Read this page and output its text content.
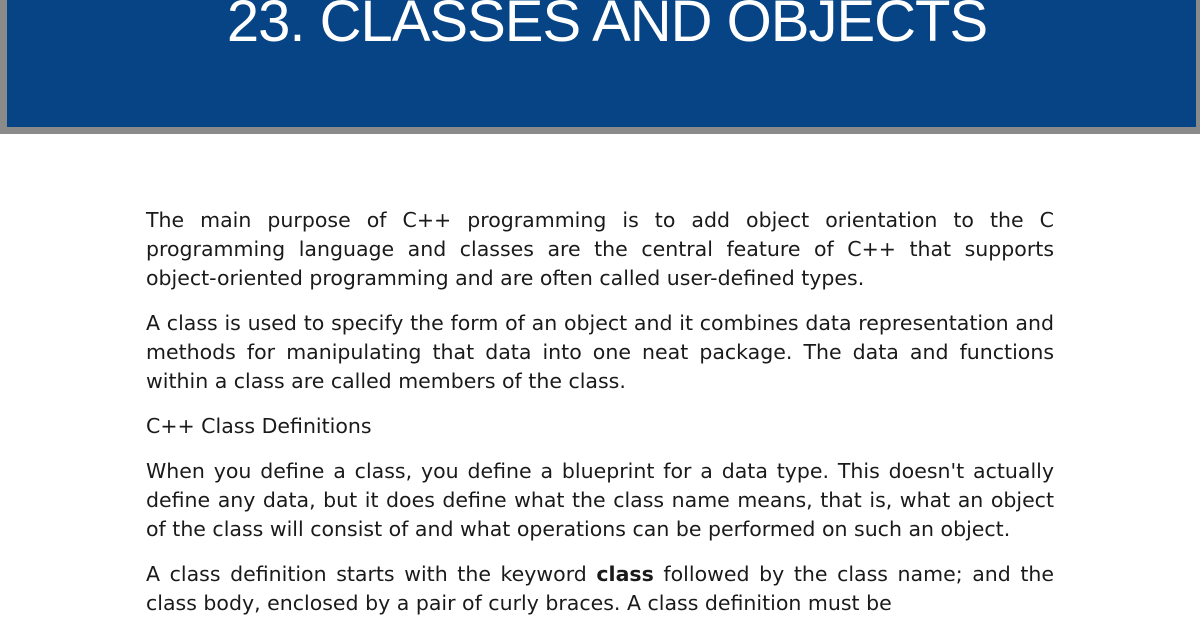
23. CLASSES AND OBJECTS

The main purpose of C++ programming is to add object orientation to the C programming language and classes are the central feature of C++ that supports object-oriented programming and are often called user-defined types.

A class is used to specify the form of an object and it combines data representation and methods for manipulating that data into one neat package. The data and functions within a class are called members of the class.

C++ Class Definitions

When you define a class, you define a blueprint for a data type. This doesn't actually define any data, but it does define what the class name means, that is, what an object of the class will consist of and what operations can be performed on such an object.

A class definition starts with the keyword class followed by the class name; and the class body, enclosed by a pair of curly braces. A class definition must be
